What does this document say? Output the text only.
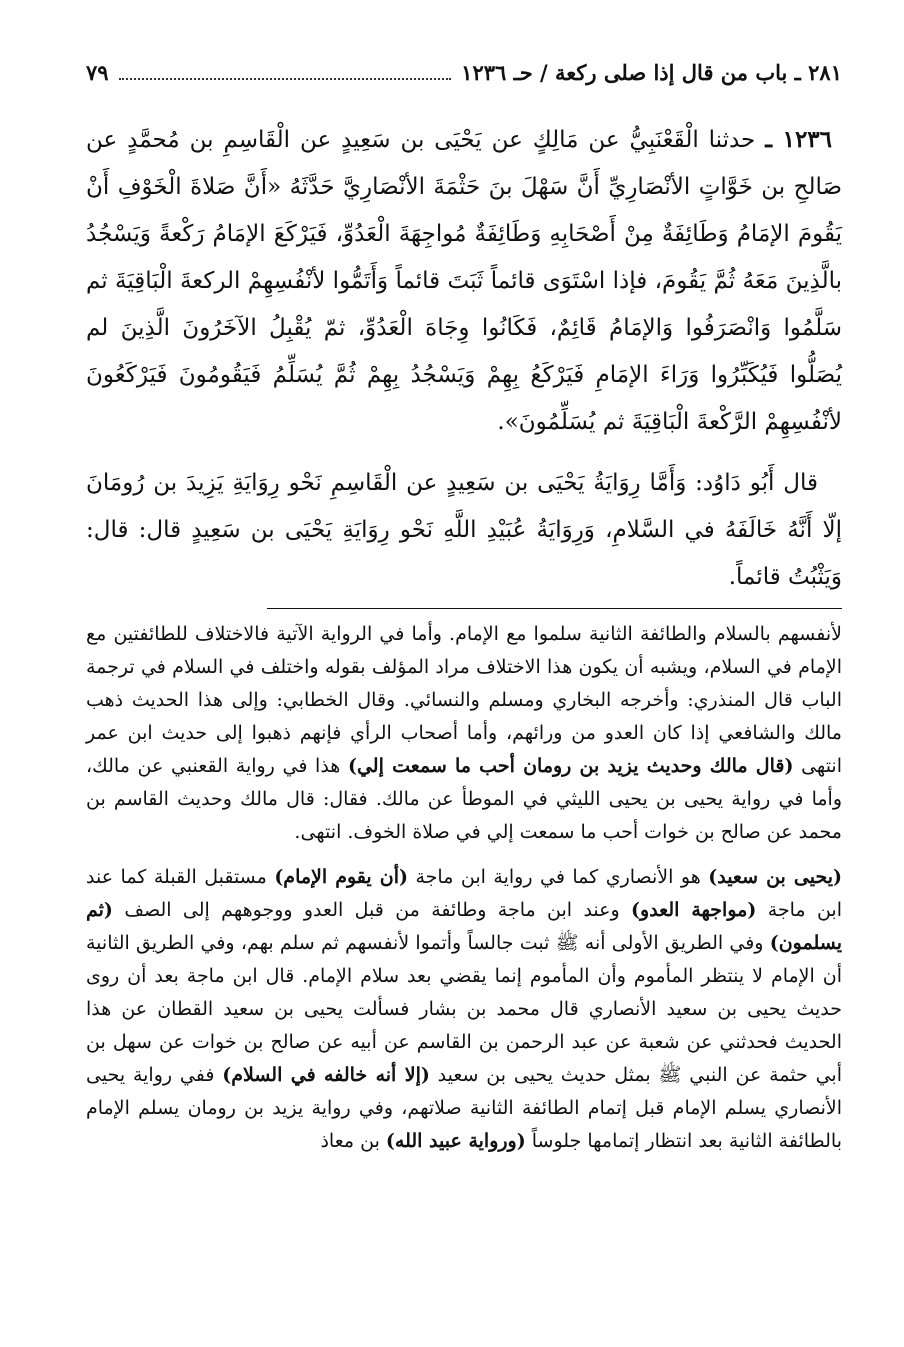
٢٨١ ـ باب من قال إذا صلى ركعة / حـ ١٢٣٦
٧٩

١٢٣٦ ـ حدثنا الْقَعْنَبِيُّ عن مَالِكٍ عن يَحْيَى بن سَعِيدٍ عن الْقَاسِمِ بن مُحمَّدٍ عن صَالحِ بن خَوَّاتٍ الأنْصَارِيِّ أَنَّ سَهْلَ بنَ حَثْمَةَ الأنْصَارِيَّ حَدَّثَهُ «أَنَّ صَلاةَ الْخَوْفِ أَنْ يَقُومَ الإمَامُ وَطَائِفَةٌ مِنْ أَصْحَابِهِ وَطَائِفَةٌ مُواجِهَةَ الْعَدُوِّ، فَيَرْكَعَ الإمَامُ رَكْعةً وَيَسْجُدُ بالَّذِينَ مَعَهُ ثُمَّ يَقُومَ، فإذا اسْتَوَى قائماً ثَبَتَ قائماً وَأَتَمُّوا لأنْفُسِهِمْ الركعةَ الْبَاقِيَةَ ثم سَلَّمُوا وَانْصَرَفُوا وَالإمَامُ قَائِمٌ، فَكَانُوا وِجَاهَ الْعَدُوِّ، ثمّ يُقْبِلُ الآخَرُونَ الَّذِينَ لم يُصَلُّوا فَيُكَبِّرُوا وَرَاءَ الإمَامِ فَيَرْكَعُ بِهِمْ وَيَسْجُدُ بِهِمْ ثُمَّ يُسَلِّمُ فَيَقُومُونَ فَيَرْكَعُونَ لأنْفُسِهِمْ الرَّكْعةَ الْبَاقِيَةَ ثم يُسَلِّمُونَ».

قال أَبُو دَاوُد: وَأَمَّا رِوَايَةُ يَحْيَى بن سَعِيدٍ عن الْقَاسِمِ نَحْو رِوَايَةِ يَزِيدَ بن رُومَانَ إلّا أَنَّهُ خَالَفَهُ في السَّلامِ، وَرِوَايَةُ عُبَيْدِ اللَّهِ نَحْو رِوَايَةِ يَحْيَى بن سَعِيدٍ قال: قال: وَيَثْبُتُ قائماً.

لأنفسهم بالسلام والطائفة الثانية سلموا مع الإمام. وأما في الرواية الآتية فالاختلاف للطائفتين مع الإمام في السلام، ويشبه أن يكون هذا الاختلاف مراد المؤلف بقوله واختلف في السلام في ترجمة الباب قال المنذري: وأخرجه البخاري ومسلم والنسائي. وقال الخطابي: وإلى هذا الحديث ذهب مالك والشافعي إذا كان العدو من ورائهم، وأما أصحاب الرأي فإنهم ذهبوا إلى حديث ابن عمر انتهى (قال مالك وحديث يزيد بن رومان أحب ما سمعت إلي) هذا في رواية القعنبي عن مالك، وأما في رواية يحيى بن يحيى الليثي في الموطأ عن مالك. فقال: قال مالك وحديث القاسم بن محمد عن صالح بن خوات أحب ما سمعت إلي في صلاة الخوف. انتهى.

(يحيى بن سعيد) هو الأنصاري كما في رواية ابن ماجة (أن يقوم الإمام) مستقبل القبلة كما عند ابن ماجة (مواجهة العدو) وعند ابن ماجة وطائفة من قبل العدو ووجوههم إلى الصف (ثم يسلمون) وفي الطريق الأولى أنه ﷺ ثبت جالساً وأتموا لأنفسهم ثم سلم بهم، وفي الطريق الثانية أن الإمام لا ينتظر المأموم وأن المأموم إنما يقضي بعد سلام الإمام. قال ابن ماجة بعد أن روى حديث يحيى بن سعيد الأنصاري قال محمد بن بشار فسألت يحيى بن سعيد القطان عن هذا الحديث فحدثني عن شعبة عن عبد الرحمن بن القاسم عن أبيه عن صالح بن خوات عن سهل بن أبي حثمة عن النبي ﷺ بمثل حديث يحيى بن سعيد (إلا أنه خالفه في السلام) ففي رواية يحيى الأنصاري يسلم الإمام قبل إتمام الطائفة الثانية صلاتهم، وفي رواية يزيد بن رومان يسلم الإمام بالطائفة الثانية بعد انتظار إتمامها جلوساً (ورواية عبيد الله) بن معاذ
